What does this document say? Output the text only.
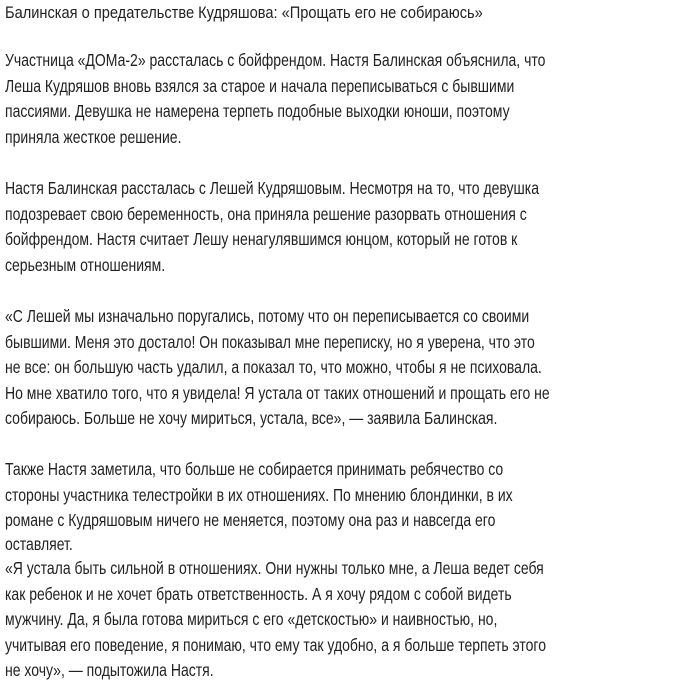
Балинская о предательстве Кудряшова: «Прощать его не собираюсь»
Участница «ДОМа-2» рассталась с бойфрендом. Настя Балинская объяснила, что
Леша Кудряшов вновь взялся за старое и начала переписываться с бывшими
пассиями. Девушка не намерена терпеть подобные выходки юноши, поэтому
приняла жесткое решение.
Настя Балинская рассталась с Лешей Кудряшовым. Несмотря на то, что девушка
подозревает свою беременность, она приняла решение разорвать отношения с
бойфрендом. Настя считает Лешу ненагулявшимся юнцом, который не готов к
серьезным отношениям.
«С Лешей мы изначально поругались, потому что он переписывается со своими
бывшими. Меня это достало! Он показывал мне переписку, но я уверена, что это
не все: он большую часть удалил, а показал то, что можно, чтобы я не психовала.
Но мне хватило того, что я увидела! Я устала от таких отношений и прощать его не
собираюсь. Больше не хочу мириться, устала, все», — заявила Балинская.
Также Настя заметила, что больше не собирается принимать ребячество со
стороны участника телестройки в их отношениях. По мнению блондинки, в их
романе с Кудряшовым ничего не меняется, поэтому она раз и навсегда его
оставляет.
«Я устала быть сильной в отношениях. Они нужны только мне, а Леша ведет себя
как ребенок и не хочет брать ответственность. А я хочу рядом с собой видеть
мужчину. Да, я была готова мириться с его «детскостью» и наивностью, но,
учитывая его поведение, я понимаю, что ему так удобно, а я больше терпеть этого
не хочу», — подытожила Настя.
